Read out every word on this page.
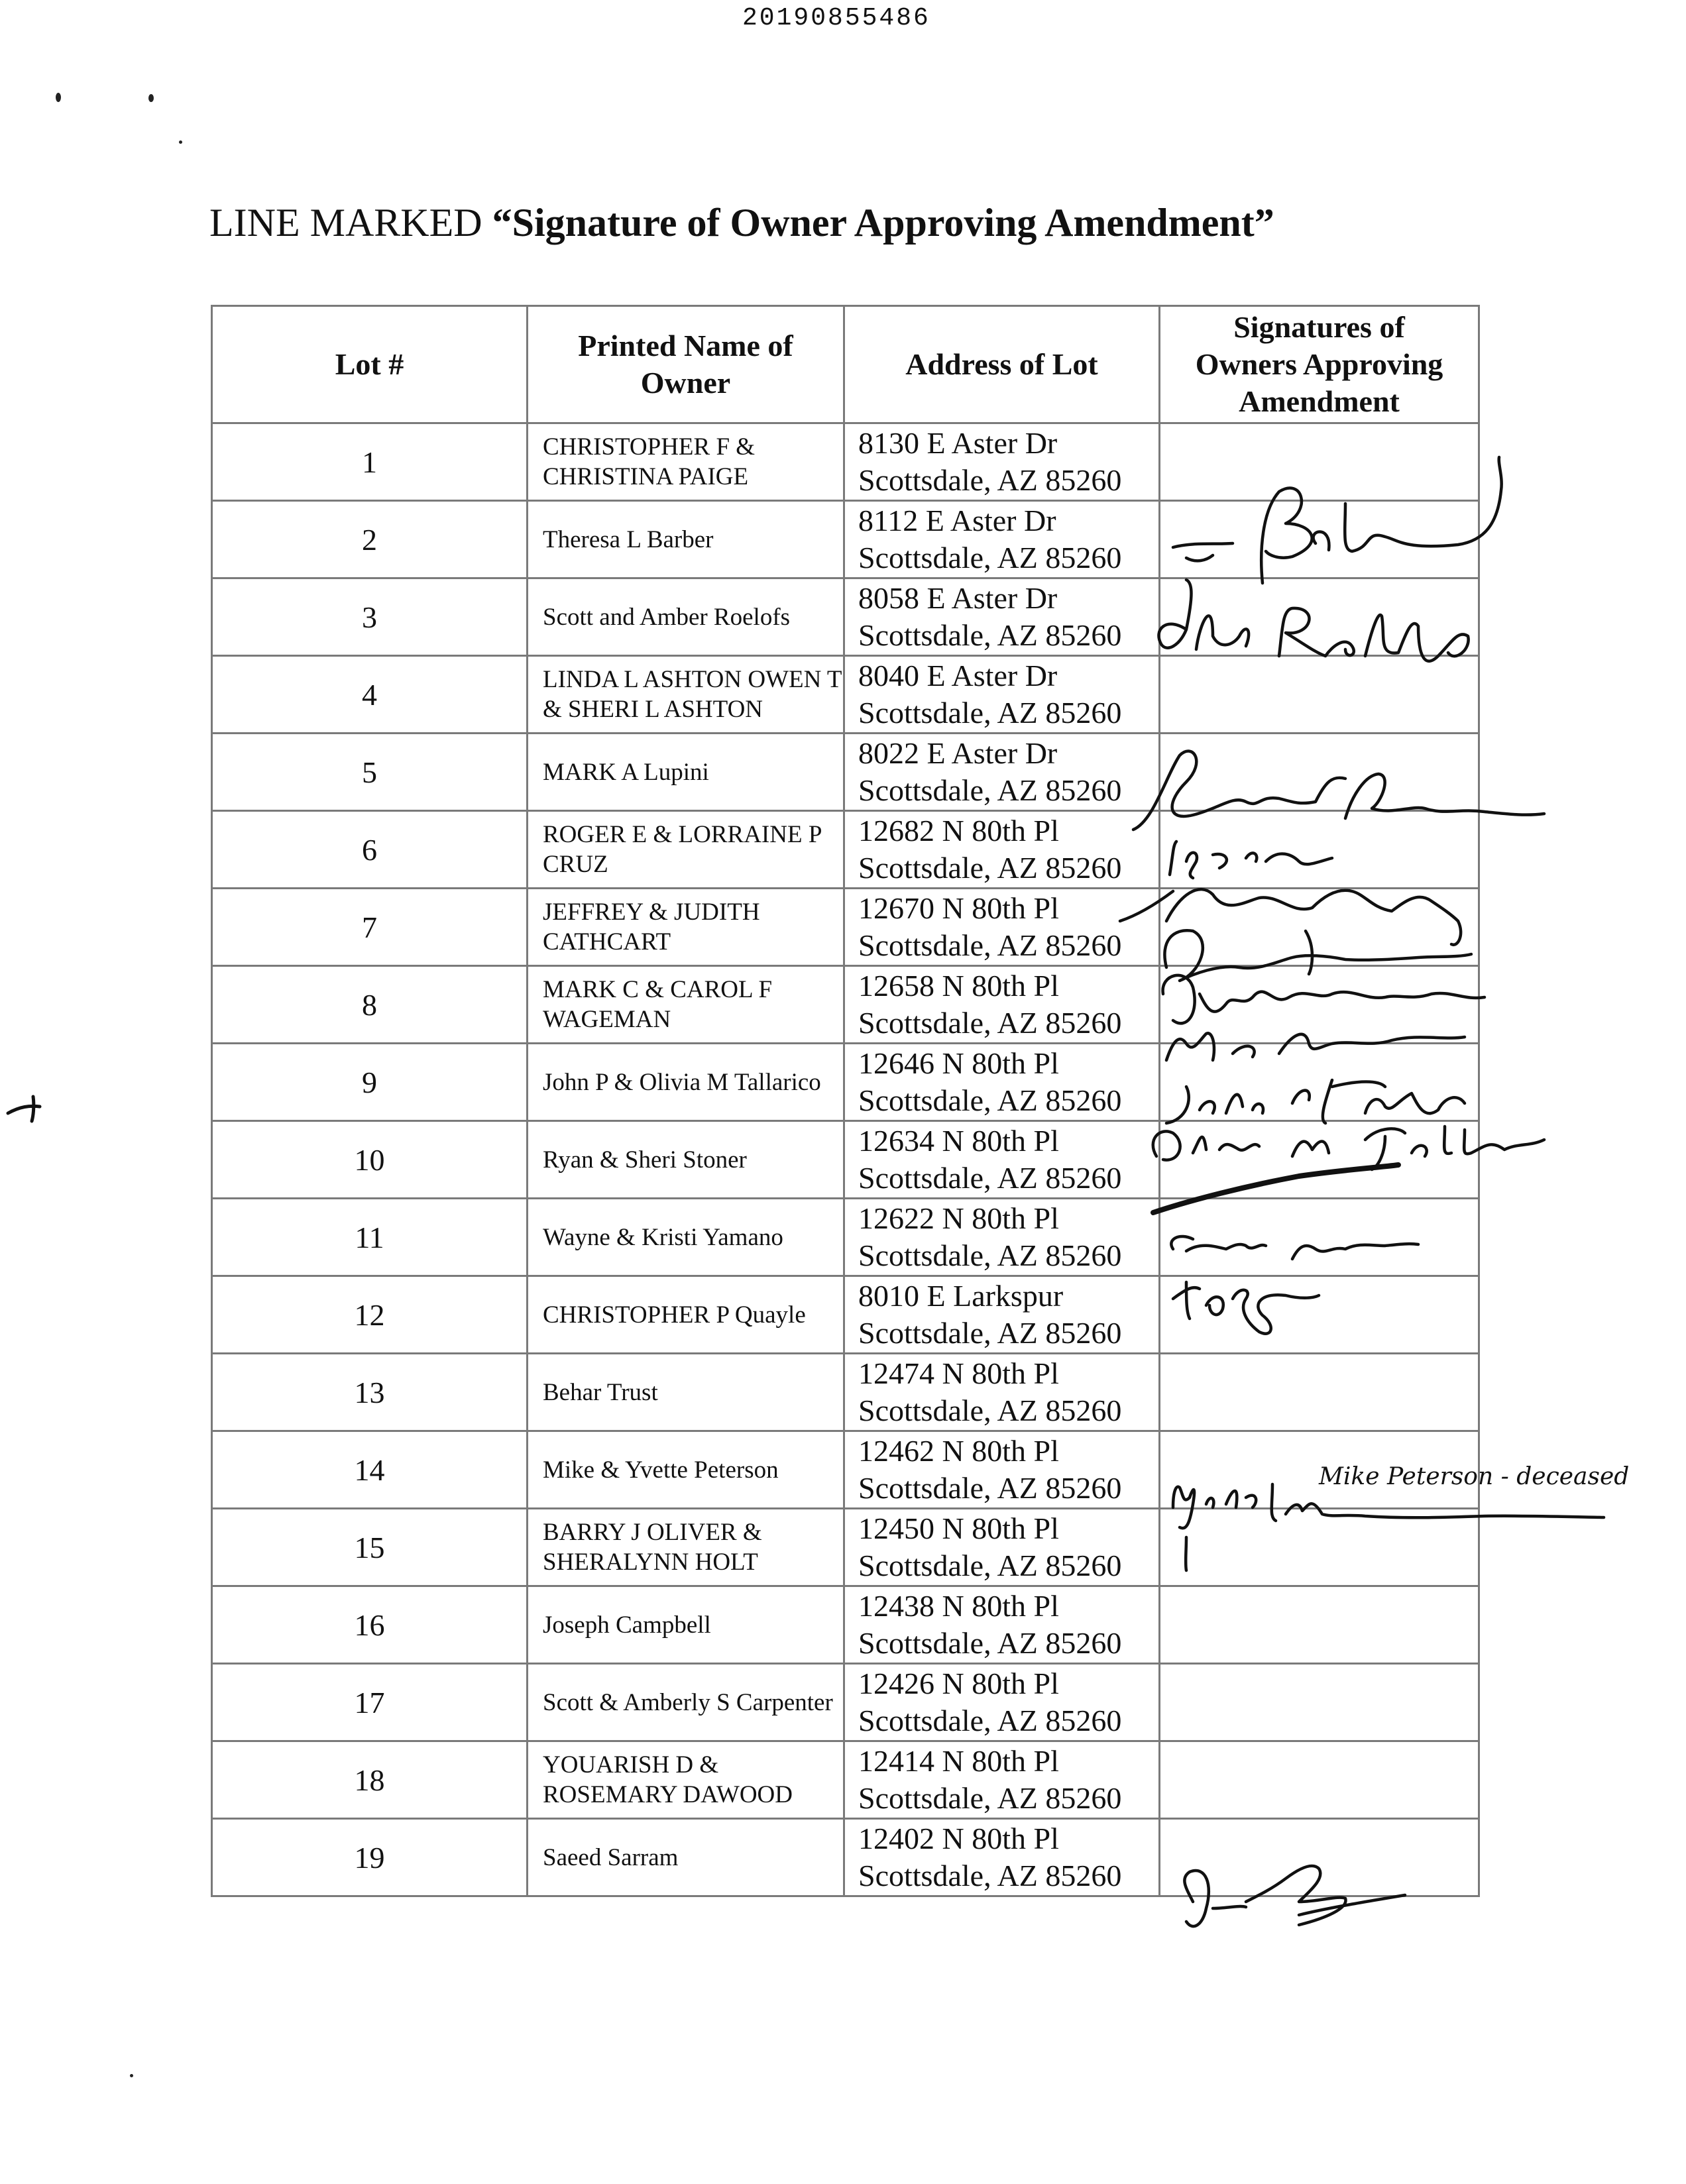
20190855486
LINE MARKED “Signature of Owner Approving Amendment”
Lot #	Printed Name of Owner	Address of Lot	Signatures of Owners Approving Amendment
1	CHRISTOPHER F & CHRISTINA PAIGE	8130 E Aster Dr
Scottsdale, AZ 85260	

2	Theresa L Barber	8112 E Aster Dr
Scottsdale, AZ 85260	

3	Scott and Amber Roelofs	8058 E Aster Dr
Scottsdale, AZ 85260	

4	LINDA L ASHTON OWEN T & SHERI L ASHTON	8040 E Aster Dr
Scottsdale, AZ 85260	

5	MARK A Lupini	8022 E Aster Dr
Scottsdale, AZ 85260	

6	ROGER E & LORRAINE P CRUZ	12682 N 80th Pl
Scottsdale, AZ 85260	

7	JEFFREY & JUDITH CATHCART	12670 N 80th Pl
Scottsdale, AZ 85260	

8	MARK C & CAROL F WAGEMAN	12658 N 80th Pl
Scottsdale, AZ 85260	

9	John P & Olivia M Tallarico	12646 N 80th Pl
Scottsdale, AZ 85260	

10	Ryan & Sheri Stoner	12634 N 80th Pl
Scottsdale, AZ 85260	

11	Wayne & Kristi Yamano	12622 N 80th Pl
Scottsdale, AZ 85260	

12	CHRISTOPHER P Quayle	8010 E Larkspur
Scottsdale, AZ 85260	

13	Behar Trust	12474 N 80th Pl
Scottsdale, AZ 85260	

14	Mike & Yvette Peterson	12462 N 80th Pl
Scottsdale, AZ 85260	

15	BARRY J OLIVER & SHERALYNN HOLT	12450 N 80th Pl
Scottsdale, AZ 85260	

16	Joseph Campbell	12438 N 80th Pl
Scottsdale, AZ 85260	

17	Scott & Amberly S Carpenter	12426 N 80th Pl
Scottsdale, AZ 85260	

18	YOUARISH D & ROSEMARY DAWOOD	12414 N 80th Pl
Scottsdale, AZ 85260	

19	Saeed Sarram	12402 N 80th Pl
Scottsdale, AZ 85260	

Mike Peterson - deceased
